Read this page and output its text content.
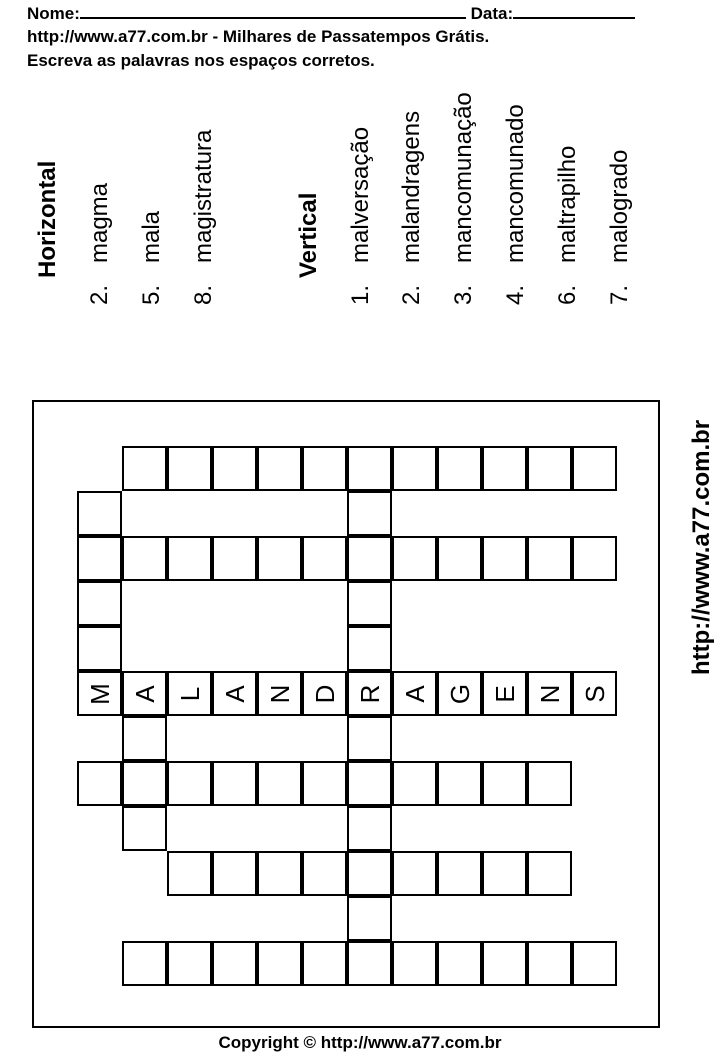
Nome:	Data:
http://www.a77.com.br - Milhares de Passatempos Grátis.
Escreva as palavras nos espaços corretos.
Horizontal
2.magma
5.mala
8.magistratura	Vertical
1.malversação
2.malandragens
3.mancomunação
4.mancomunado
6.maltrapilho
7.malogrado
http://www.a77.com.br
M A L A N D R A G E N S
Copyright © http://www.a77.com.br
